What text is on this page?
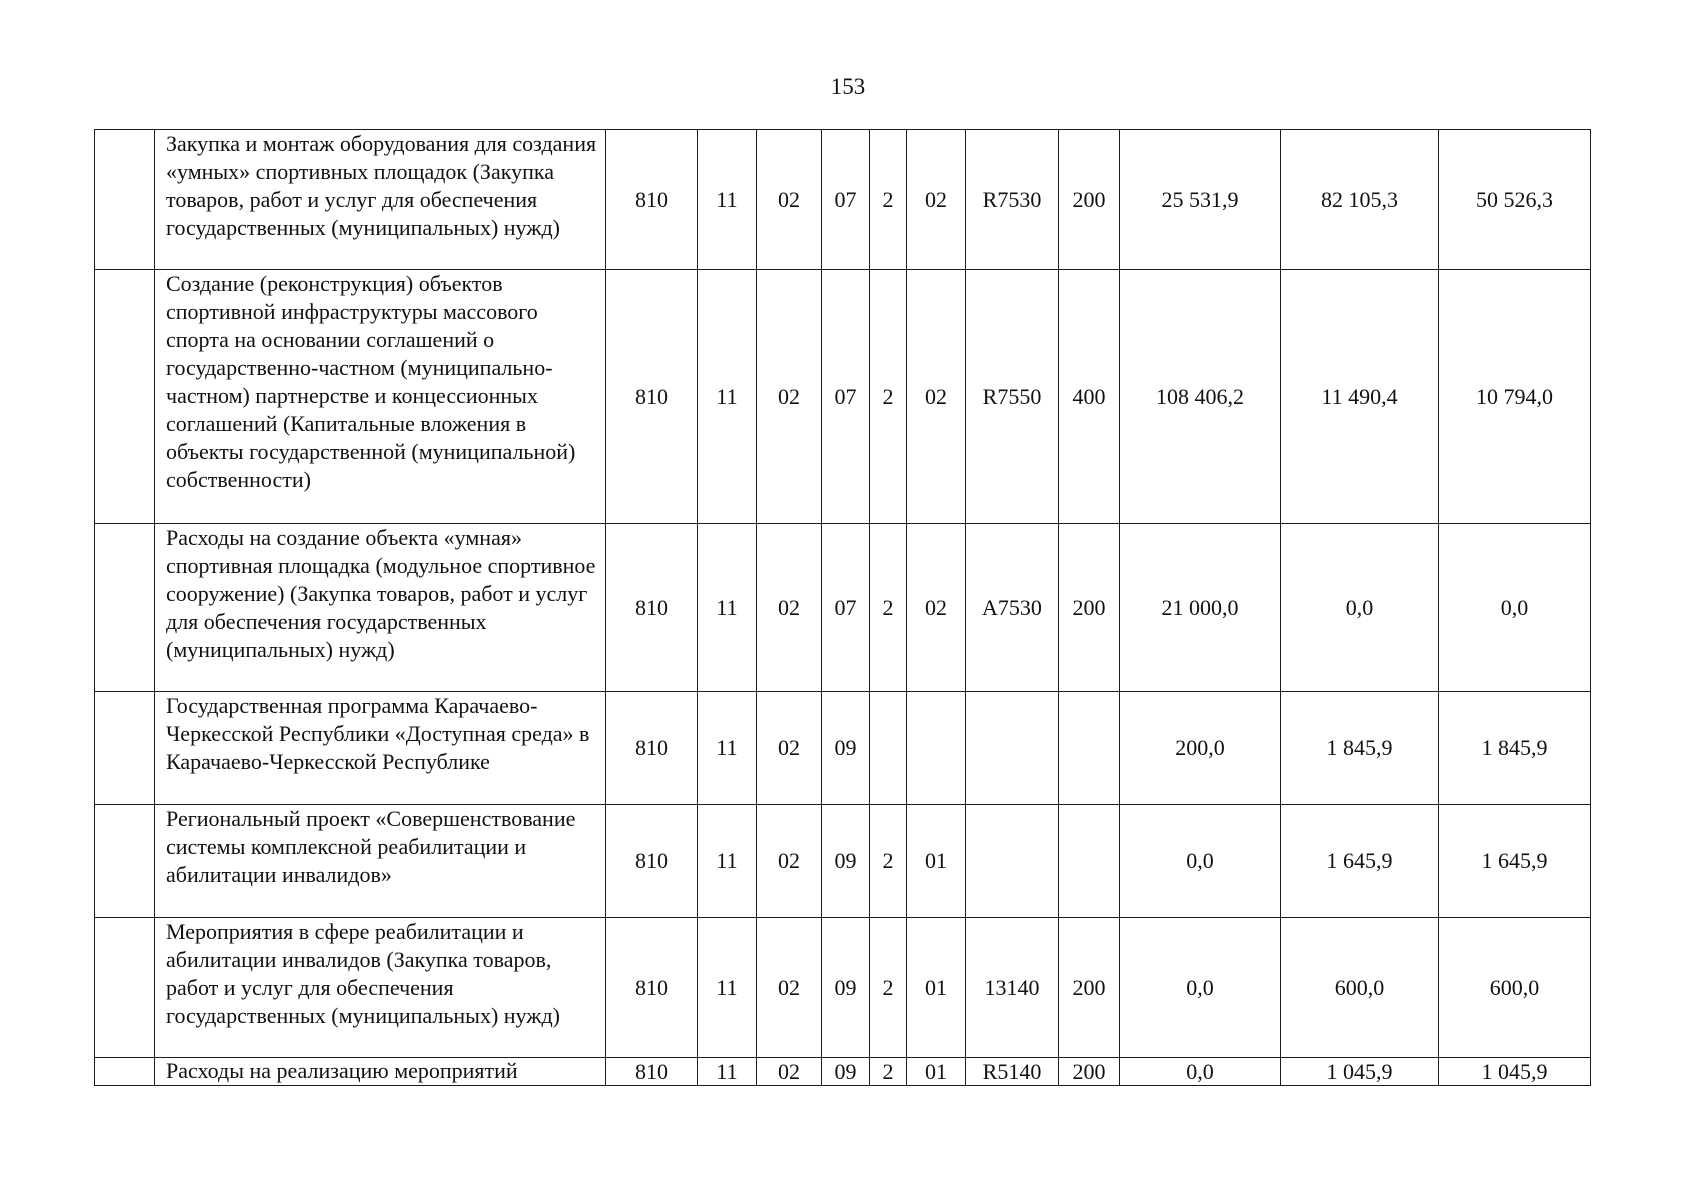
153
	Закупка и монтаж оборудования для создания «умных» спортивных площадок (Закупка товаров, работ и услуг для обеспечения государственных (муниципальных) нужд)	810	11	02	07	2	02	R7530	200	25 531,9	82 105,3	50 526,3
	Создание (реконструкция) объектов спортивной инфраструктуры массового спорта на основании соглашений о государственно-частном (муниципально-частном) партнерстве и концессионных соглашений (Капитальные вложения в объекты государственной (муниципальной) собственности)	810	11	02	07	2	02	R7550	400	108 406,2	11 490,4	10 794,0
	Расходы на создание объекта «умная» спортивная площадка (модульное спортивное сооружение) (Закупка товаров, работ и услуг для обеспечения государственных (муниципальных) нужд)	810	11	02	07	2	02	А7530	200	21 000,0	0,0	0,0
	Государственная программа Карачаево-Черкесской Республики «Доступная среда» в Карачаево-Черкесской Республике	810	11	02	09					200,0	1 845,9	1 845,9
	Региональный проект «Совершенствование системы комплексной реабилитации и абилитации инвалидов»	810	11	02	09	2	01			0,0	1 645,9	1 645,9
	Мероприятия в сфере реабилитации и абилитации инвалидов (Закупка товаров, работ и услуг для обеспечения государственных (муниципальных) нужд)	810	11	02	09	2	01	13140	200	0,0	600,0	600,0
	Расходы на реализацию мероприятий	810	11	02	09	2	01	R5140	200	0,0	1 045,9	1 045,9
